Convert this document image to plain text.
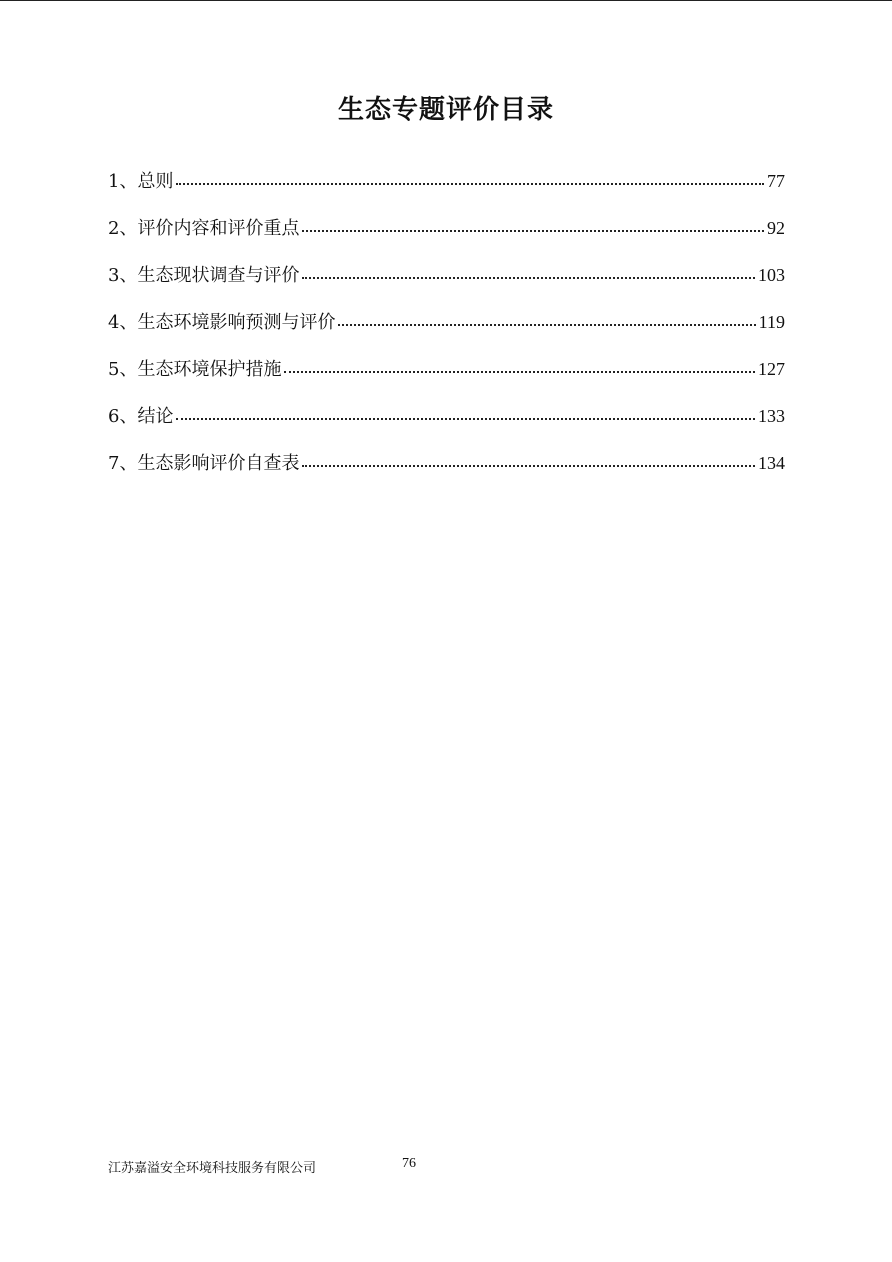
生态专题评价目录
1、总则	77
2、评价内容和评价重点	92
3、生态现状调查与评价	103
4、生态环境影响预测与评价	119
5、生态环境保护措施	127
6、结论	133
7、生态影响评价自查表	134
江苏嘉溢安全环境科技服务有限公司	76
